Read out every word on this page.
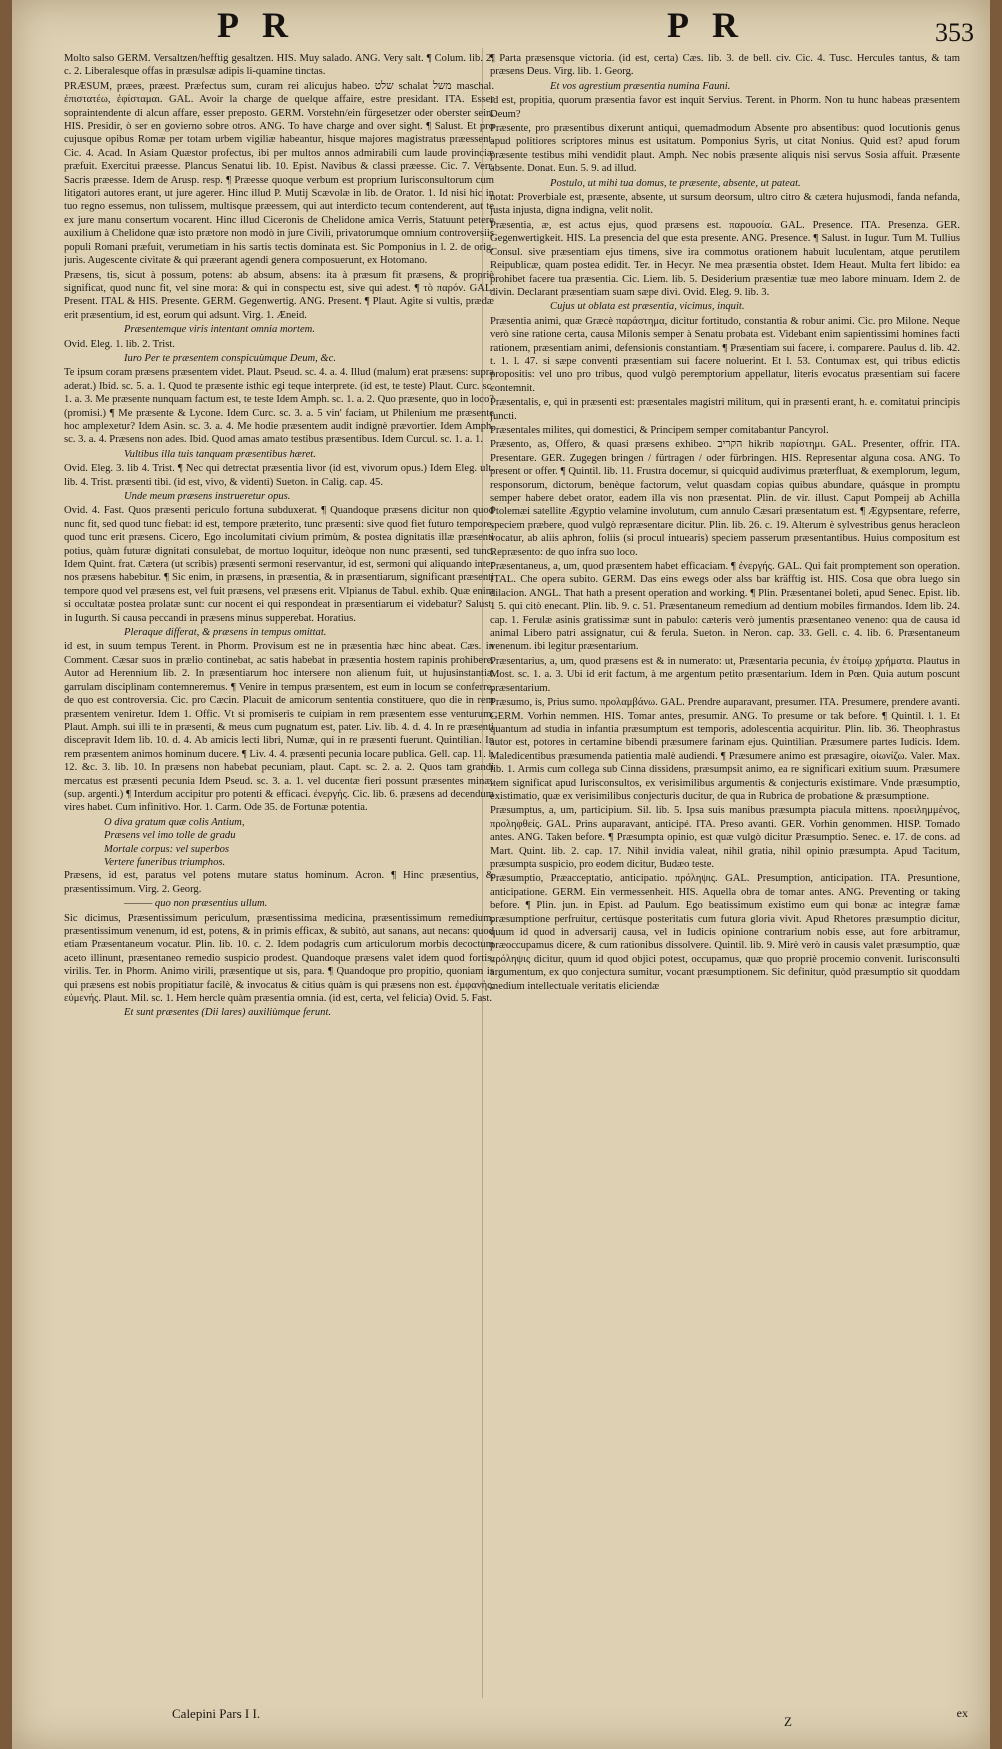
P R	P R	353

Molto salso GERM. Versaltzen/hefftig gesaltzen. HIS. Muy salado. ANG. Very salt. ¶ Colum. lib. 2. c. 2. Liberalesque offas in præsulsæ adipis li-quamine tinctas.

PRÆSUM, præes, præest. Præfectus sum, curam rei alicujus habeo. שלט schalat משל maschal. ἐπιστατέω, ἐφίσταμαι. GAL. Avoir la charge de quelque affaire, estre presidant. ITA. Esser sopraintendente di alcun affare, esser preposto. GERM. Vorstehn/ein fürgesetzer oder oberster sein. HIS. Presidir, ò ser en govierno sobre otros. ANG. To have charge and over sight. ¶ Salust. Et pro cujusque opibus Romæ per totam urbem vigiliæ habeantur, hisque majores magistratus præessent. Cic. 4. Acad. In Asiam Quæstor profectus, ibi per multos annos admirabili cum laude provinciæ præfuit. Exercitui præesse. Plancus Senatui lib. 10. Epist. Navibus & classi præesse. Cic. 7. Verr. Sacris præesse. Idem de Arusp. resp. ¶ Præesse quoque verbum est proprium Iurisconsultorum cum litigatori autores erant, ut jure agerer. Hinc illud P. Mutij Scævolæ in lib. de Orator. 1. Id nisi hic in tuo regno essemus, non tulissem, multisque præessem, qui aut interdicto tecum contenderent, aut te ex jure manu consertum vocarent. Hinc illud Ciceronis de Chelidone amica Verris, Statuunt petere auxilium à Chelidone quæ isto prætore non modò in jure Civili, privatorumque omnium controversiis populi Romani præfuit, verumetiam in his sartis tectis dominata est. Sic Pomponius in l. 2. de orig. juris. Augescente civitate & qui præerant agendi genera composuerunt, ex Hotomano.

Præsens, tis, sicut à possum, potens: ab absum, absens: ita à præsum fit præsens, & propriè significat, quod nunc fit, vel sine mora: & qui in conspectu est, sive qui adest. ¶ τὸ παρόν. GAL. Present. ITAL & HIS. Presente. GERM. Gegenwertig. ANG. Present. ¶ Plaut. Agite si vultis, prædæ erit præsentium, id est, eorum qui adsunt. Virg. 1. Æneid.

Præsentemque viris intentant omnia mortem.

Ovid. Eleg. 1. lib. 2. Trist.

Iuro Per te præsentem conspicuùmque Deum, &c.

Te ipsum coram præsens præsentem videt. Plaut. Pseud. sc. 4. a. 4. Illud (malum) erat præsens: supra aderat.) Ibid. sc. 5. a. 1. Quod te præsente isthic egi teque interprete. (id est, te teste) Plaut. Curc. sc. 1. a. 3. Me præsente nunquam factum est, te teste Idem Amph. sc. 1. a. 2. Quo præsente, quo in loco? (promisi.) ¶ Me præsente & Lycone. Idem Curc. sc. 3. a. 5 vin' faciam, ut Philenium me præsente hoc amplexetur? Idem Asin. sc. 3. a. 4. Me hodie præsentem audit indignè prævortier. Idem Amph. sc. 3. a. 4. Præsens non ades. Ibid. Quod amas amato testibus præsentibus. Idem Curcul. sc. 1. a. 1.

Vultibus illa tuis tanquam præsentibus hæret.

Ovid. Eleg. 3. lib 4. Trist. ¶ Nec qui detrectat præsentia livor (id est, vivorum opus.) Idem Eleg. ult. lib. 4. Trist. præsenti tibi. (id est, vivo, & videnti) Sueton. in Calig. cap. 45.

Unde meum præsens instrueretur opus.

Ovid. 4. Fast. Quos præsenti periculo fortuna subduxerat. ¶ Quandoque præsens dicitur non quod nunc fit, sed quod tunc fiebat: id est, tempore præterito, tunc præsenti: sive quod fiet futuro tempore, quod tunc erit præsens. Cicero, Ego incolumitati civium primùm, & postea dignitatis illæ præsenti potius, quàm futuræ dignitati consulebat, de mortuo loquitur, ideòque non nunc præsenti, sed tunc. Idem Quint. frat. Cætera (ut scribis) præsenti sermoni reservantur, id est, sermoni qui aliquando inter nos præsens habebitur. ¶ Sic enim, in præsens, in præsentia, & in præsentiarum, significant præsenti tempore quod vel præsens est, vel fuit præsens, vel præsens erit. Vlpianus de Tabul. exhib. Quæ enim si occultatæ postea prolatæ sunt: cur nocent ei qui respondeat in præsentiarum ei videbatur? Salust. in Iugurth. Si causa peccandi in præsens minus supperebat. Horatius.

Pleraque differat, & præsens in tempus omittat.

id est, in suum tempus Terent. in Phorm. Provisum est ne in præsentia hæc hinc abeat. Cæs. in Comment. Cæsar suos in prælio continebat, ac satis habebat in præsentia hostem rapinis prohibere. Autor ad Herennium lib. 2. In præsentiarum hoc intersere non alienum fuit, ut hujusinstantiæ garrulam disciplinam contemneremus. ¶ Venire in tempus præsentem, est eum in locum se conferre, de quo est controversia. Cic. pro Cæcin. Placuit de amicorum sententia constituere, quo die in rem præsentem veniretur. Idem 1. Offic. Vt si promiseris te cuipiam in rem præsentem esse venturum. Plaut. Amph. sui illi te in præsenti, & meus cum pugnatum est, pater. Liv. lib. 4. d. 4. In re præsenti discepravit Idem lib. 10. d. 4. Ab amicis lecti libri, Numæ, qui in re præsenti fuerunt. Quintilian. In rem præsentem animos hominum ducere. ¶ Liv. 4. 4. præsenti pecunia locare publica. Gell. cap. 11. l. 12. &c. 3. lib. 10. In præsens non habebat pecuniam, plaut. Capt. sc. 2. a. 2. Quos tam grandi mercatus est præsenti pecunia Idem Pseud. sc. 3. a. 1. vel ducentæ fieri possunt præsentes minæ. (sup. argenti.) ¶ Interdum accipitur pro potenti & efficaci. ἐνεργής. Cic. lib. 6. præsens ad decendum vires habet. Cum infinitivo. Hor. 1. Carm. Ode 35. de Fortunæ potentia.

O diva gratum quæ colis Antium,

Præsens vel imo tolle de gradu

Mortale corpus: vel superbos

Vertere funeribus triumphos.

Præsens, id est, paratus vel potens mutare status hominum. Acron. ¶ Hinc præsentius, & præsentissimum. Virg. 2. Georg.

——— quo non præsentius ullum.

Sic dicimus, Præsentissimum periculum, præsentissima medicina, præsentissimum remedium, præsentissimum venenum, id est, potens, & in primis efficax, & subitò, aut sanans, aut necans: quod etiam Præsentaneum vocatur. Plin. lib. 10. c. 2. Idem podagris cum articulorum morbis decoctum aceto illinunt, præsentaneo remedio suspicio prodest. Quandoque præsens valet idem quod fortis, virilis. Ter. in Phorm. Animo virili, præsentique ut sis, para. ¶ Quandoque pro propitio, quoniam is qui præsens est nobis propitiatur facilè, & invocatus & citius quàm is qui præsens non est. ἐμφανὴς, εὐμενής. Plaut. Mil. sc. 1. Hem hercle quàm præsentia omnia. (id est, certa, vel felicia) Ovid. 5. Fast.

Et sunt præsentes (Dii lares) auxiliùmque ferunt.

¶ Parta præsensque victoria. (id est, certa) Cæs. lib. 3. de bell. civ. Cic. 4. Tusc. Hercules tantus, & tam præsens Deus. Virg. lib. 1. Georg.

Et vos agrestium præsentia numina Fauni.

id est, propitia, quorum præsentia favor est inquit Servius. Terent. in Phorm. Non tu hunc habeas præsentem Deum?

Præsente, pro præsentibus dixerunt antiqui, quemadmodum Absente pro absentibus: quod locutionis genus apud politiores scriptores minus est usitatum. Pomponius Syris, ut citat Nonius. Quid est? apud forum præsente testibus mihi vendidit plaut. Amph. Nec nobis præsente aliquis nisi servus Sosia affuit. Præsente absente. Donat. Eun. 5. 9. ad illud.

Postulo, ut mihi tua domus, te præsente, absente, ut pateat.

notat: Proverbiale est, præsente, absente, ut sursum deorsum, ultro citro & cætera hujusmodi, fanda nefanda, justa injusta, digna indigna, velit nolit.

Præsentia, æ, est actus ejus, quod præsens est. παρουσία. GAL. Presence. ITA. Presenza. GER. Gegenwertigkeit. HIS. La presencia del que esta presente. ANG. Presence. ¶ Salust. in Iugur. Tum M. Tullius Consul. sive præsentiam ejus timens, sive ira commotus orationem habuit luculentam, atque perutilem Reipublicæ, quam postea edidit. Ter. in Hecyr. Ne mea præsentia obstet. Idem Heaut. Multa fert libido: ea prohibet facere tua præsentia. Cic. Liem. lib. 5. Desiderium præsentiæ tuæ meo labore minuam. Idem 2. de divin. Declarant præsentiam suam sæpe divi. Ovid. Eleg. 9. lib. 3.

Cujus ut oblata est præsentia, vicimus, inquit.

Præsentia animi, quæ Græcè παράστημα, dicitur fortitudo, constantia & robur animi. Cic. pro Milone. Neque verò sine ratione certa, causa Milonis semper à Senatu probata est. Videbant enim sapientissimi homines facti rationem, præsentiam animi, defensionis constantiam. ¶ Præsentiam sui facere, i. comparere. Paulus d. lib. 42. t. 1. l. 47. si sæpe conventi præsentiam sui facere noluerint. Et l. 53. Contumax est, qui tribus edictis propositis: vel uno pro tribus, quod vulgò peremptorium appellatur, literis evocatus præsentiam sui facere contemnit.

Præsentalis, e, qui in præsenti est: præsentales magistri militum, qui in præsenti erant, h. e. comitatui principis juncti.

Præsentales milites, qui domestici, & Principem semper comitabantur Pancyrol.

Præsento, as, Offero, & quasi præsens exhibeo. הקריב hikrib παρίστημι. GAL. Presenter, offrir. ITA. Presentare. GER. Zugegen bringen / fürtragen / oder fürbringen. HIS. Representar alguna cosa. ANG. To present or offer. ¶ Quintil. lib. 11. Frustra docemur, si quicquid audivimus præterfluat, & exemplorum, legum, responsorum, dictorum, benèque factorum, velut quasdam copias quibus abundare, quásque in promptu semper habere debet orator, eadem illa vis non præsentat. Plin. de vir. illust. Caput Pompeij ab Achilla Ptolemæi satellite Ægyptio velamine involutum, cum annulo Cæsari præsentatum est. ¶ Ægypsentare, referre, speciem præbere, quod vulgò repræsentare dicitur. Plin. lib. 26. c. 19. Alterum è sylvestribus genus heracleon vocatur, ab aliis aphron, foliis (si procul intuearis) speciem passerum præsentantibus. Huius compositum est Repræsento: de quo infra suo loco.

Præsentaneus, a, um, quod præsentem habet efficaciam. ¶ ἐνεργής. GAL. Qui fait promptement son operation. ITAL. Che opera subito. GERM. Das eins ewegs oder alss bar kräfftig ist. HIS. Cosa que obra luego sin dilacion. ANGL. That hath a present operation and working. ¶ Plin. Præsentanei boleti, apud Senec. Epist. lib. 1 5. qui citò enecant. Plin. lib. 9. c. 51. Præsentaneum remedium ad dentium mobiles firmandos. Idem lib. 24. cap. 1. Ferulæ asinis gratissimæ sunt in pabulo: cæteris verò jumentis præsentaneo veneno: qua de causa id animal Libero patri assignatur, cui & ferula. Sueton. in Neron. cap. 33. Gell. c. 4. lib. 6. Præsentaneum venenum. ibi legitur præsentarium.

Præsentarius, a, um, quod præsens est & in numerato: ut, Præsentaria pecunia, ἐν ἑτοίμῳ χρήματα. Plautus in Most. sc. 1. a. 3. Ubi id erit factum, à me argentum petito præsentarium. Idem in Pœn. Quia autum poscunt præsentarium.

Præsumo, is, Prius sumo. προλαμβάνω. GAL. Prendre auparavant, presumer. ITA. Presumere, prendere avanti. GERM. Vorhin nemmen. HIS. Tomar antes, presumir. ANG. To presume or tak before. ¶ Quintil. l. 1. Et quantum ad studia in infantia præsumptum est temporis, adolescentia acquiritur. Plin. lib. 36. Theophrastus autor est, potores in certamine bibendi præsumere farinam ejus. Quintilian. Præsumere partes Iudicis. Idem. Maledicentibus præsumenda patientia malè audiendi. ¶ Præsumere animo est præsagire, οἰωνίζω. Valer. Max. lib. 1. Armis cum collega sub Cinna dissidens, præsumpsit animo, ea re significari exitium suum. Præsumere item significat apud Iurisconsultos, ex verisimilibus argumentis & conjecturis existimare. Vnde præsumptio, existimatio, quæ ex verisimilibus conjecturis ducitur, de qua in Rubrica de probatione & præsumptione.

Præsumptus, a, um, participium. Sil. lib. 5. Ipsa suis manibus præsumpta piacula mittens. προειλημμένος, προληφθείς. GAL. Prins auparavant, anticipé. ITA. Preso avanti. GER. Vorhin genommen. HISP. Tomado antes. ANG. Taken before. ¶ Præsumpta opinio, est quæ vulgò dicitur Præsumptio. Senec. e. 17. de cons. ad Mart. Quint. lib. 2. cap. 17. Nihil invidia valeat, nihil gratia, nihil opinio præsumpta. Apud Tacitum, præsumpta suspicio, pro eodem dicitur, Budæo teste.

Præsumptio, Præacceptatio, anticipatio. πρόληψις. GAL. Presumption, anticipation. ITA. Presuntione, anticipatione. GERM. Ein vermessenheit. HIS. Aquella obra de tomar antes. ANG. Preventing or taking before. ¶ Plin. jun. in Epist. ad Paulum. Ego beatissimum existimo eum qui bonæ ac integræ famæ præsumptione perfruitur, certúsque posteritatis cum futura gloria vivit. Apud Rhetores præsumptio dicitur, quum id quod in adversarij causa, vel in Iudicis opinione contrarium nobis esse, aut fore arbitramur, præoccupamus dicere, & cum rationibus dissolvere. Quintil. lib. 9. Mirè verò in causis valet præsumptio, quæ πρόληψις dicitur, quum id quod objici potest, occupamus, quæ quo propriè procemio convenit. Iurisconsulti argumentum, ex quo conjectura sumitur, vocant præsumptionem. Sic definitur, quòd præsumptio sit quoddam medium intellectuale veritatis eliciendæ

Calepini Pars I I.
Z
ex
